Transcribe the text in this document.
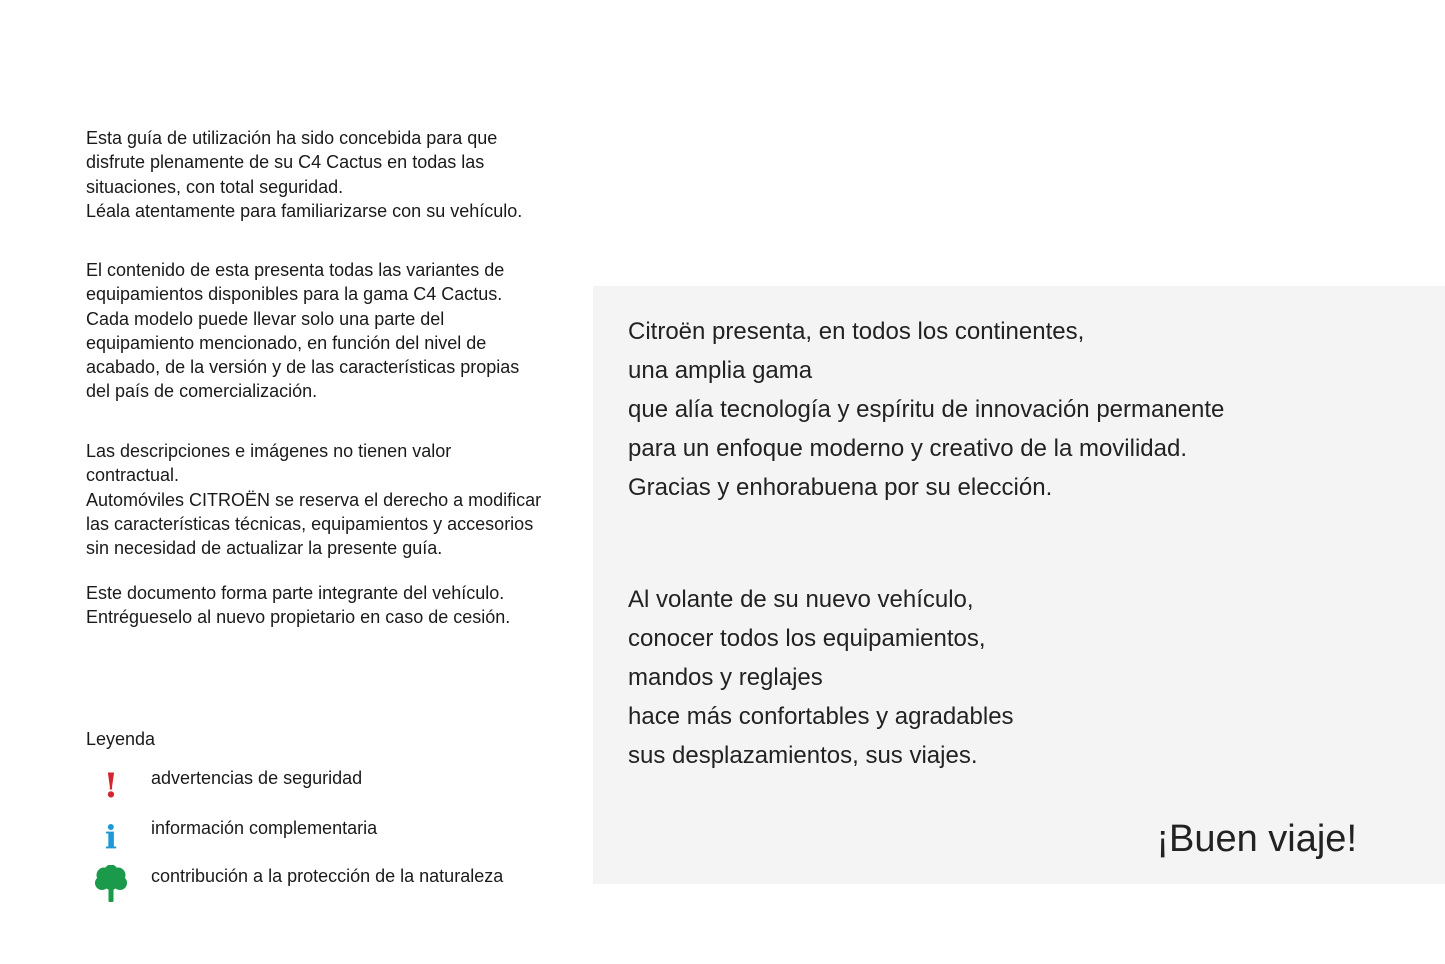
Esta guía de utilización ha sido concebida para que
disfrute plenamente de su C4 Cactus en todas las
situaciones, con total seguridad.
Léala atentamente para familiarizarse con su vehículo.

El contenido de esta presenta todas las variantes de
equipamientos disponibles para la gama C4 Cactus.
Cada modelo puede llevar solo una parte del
equipamiento mencionado, en función del nivel de
acabado, de la versión y de las características propias
del país de comercialización.

Las descripciones e imágenes no tienen valor
contractual.
Automóviles CITROËN se reserva el derecho a modificar
las características técnicas, equipamientos y accesorios
sin necesidad de actualizar la presente guía.

Este documento forma parte integrante del vehículo.
Entrégueselo al nuevo propietario en caso de cesión.

Leyenda
! advertencias de seguridad
i información complementaria
contribución a la protección de la naturaleza
Citroën presenta, en todos los continentes,
una amplia gama
que alía tecnología y espíritu de innovación permanente
para un enfoque moderno y creativo de la movilidad.
Gracias y enhorabuena por su elección.
Al volante de su nuevo vehículo,
conocer todos los equipamientos,
mandos y reglajes
hace más confortables y agradables
sus desplazamientos, sus viajes.
¡Buen viaje!
